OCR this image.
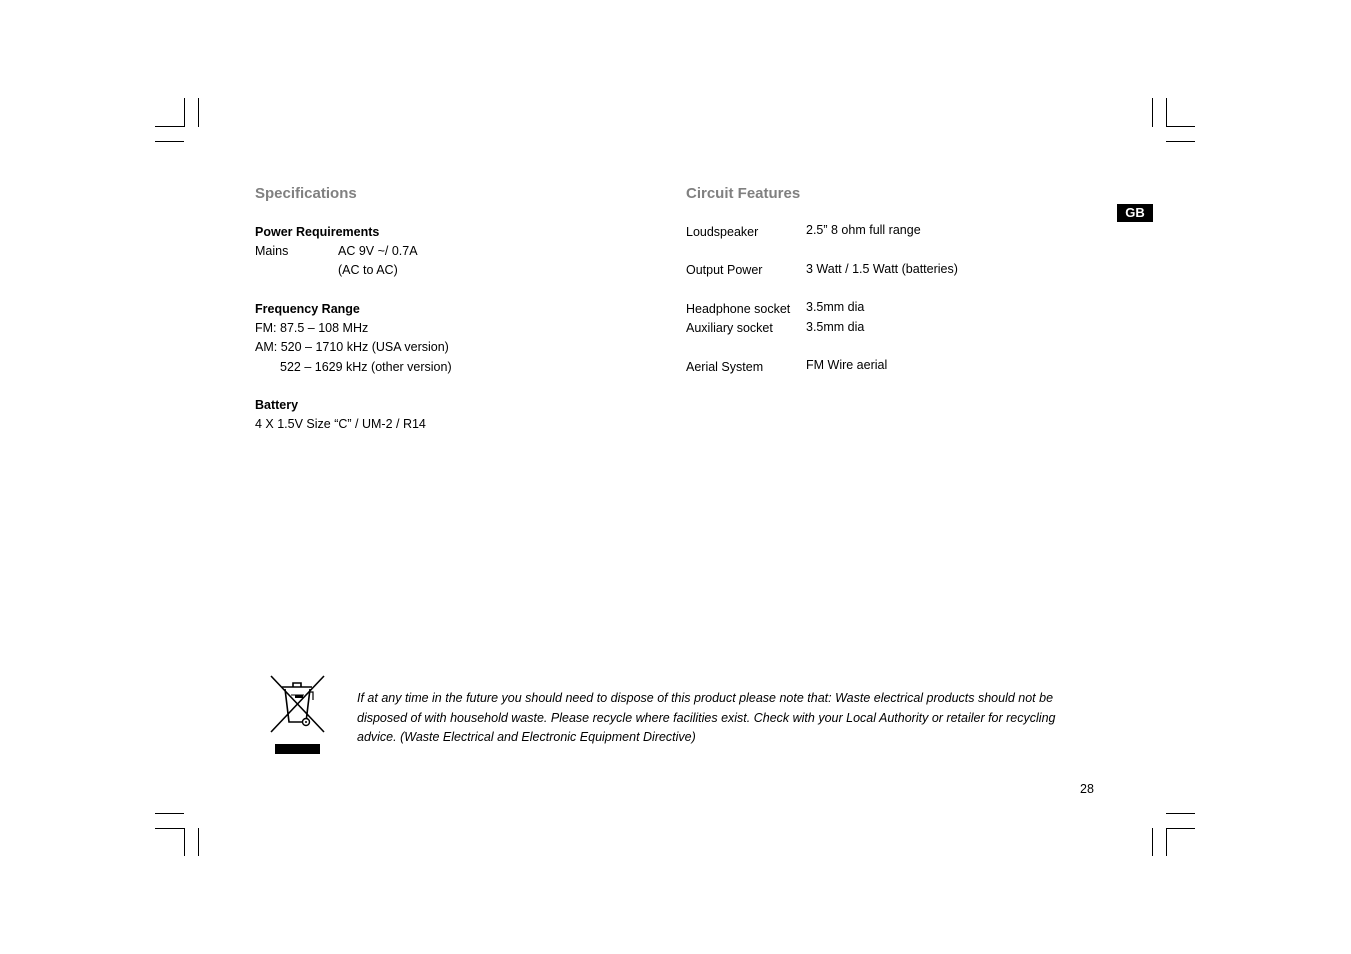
GB
Specifications
Power Requirements
Mains	AC 9V ~/ 0.7A
(AC to AC)
Frequency Range
FM: 87.5 – 108 MHz
AM: 520 – 1710 kHz (USA version)
522 – 1629 kHz (other version)
Battery
4 X 1.5V Size “C” / UM-2 / R14
Circuit Features
Loudspeaker	2.5” 8 ohm full range
Output Power	3 Watt / 1.5 Watt (batteries)
Headphone socket 3.5mm dia
Auxiliary socket	3.5mm dia
Aerial System	FM Wire aerial
If at any time in the future you should need to dispose of this product please note that: Waste electrical products should not be disposed of with household waste. Please recycle where facilities exist. Check with your Local Authority or retailer for recycling advice. (Waste Electrical and Electronic Equipment Directive)
28
